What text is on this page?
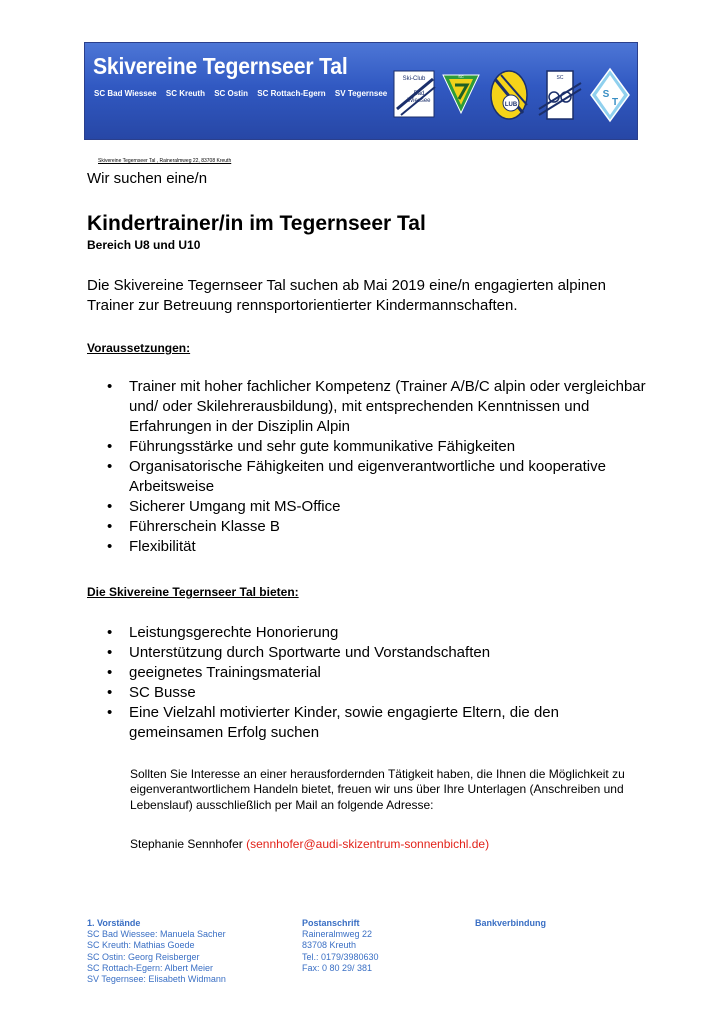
Skivereine Tegernseer Tal
SC Bad Wiessee SC Kreuth SC Ostin SC Rottach-Egern SV Tegernsee
Ski-Club
Bad
Wiessee
SC
LUB
SC
S
T
Skivereine Tegernseer Tal , Raineralmweg 22, 83708 Kreuth
Wir suchen eine/n
Kindertrainer/in im Tegernseer Tal
Bereich U8 und U10

Die Skivereine Tegernseer Tal suchen ab Mai 2019 eine/n engagierten alpinen Trainer zur Betreuung rennsportorientierter Kindermannschaften.

Voraussetzungen:
• Trainer mit hoher fachlicher Kompetenz (Trainer A/B/C alpin oder vergleichbar und/ oder Skilehrerausbildung), mit entsprechenden Kenntnissen und Erfahrungen in der Disziplin Alpin
• Führungsstärke und sehr gute kommunikative Fähigkeiten
• Organisatorische Fähigkeiten und eigenverantwortliche und kooperative Arbeitsweise
• Sicherer Umgang mit MS-Office
• Führerschein Klasse B
• Flexibilität
Die Skivereine Tegernseer Tal bieten:
• Leistungsgerechte Honorierung
• Unterstützung durch Sportwarte und Vorstandschaften
• geeignetes Trainingsmaterial
• SC Busse
• Eine Vielzahl motivierter Kinder, sowie engagierte Eltern, die den gemeinsamen Erfolg suchen

Sollten Sie Interesse an einer herausfordernden Tätigkeit haben, die Ihnen die Möglichkeit zu eigenverantwortlichem Handeln bietet, freuen wir uns über Ihre Unterlagen (Anschreiben und Lebenslauf) ausschließlich per Mail an folgende Adresse:

Stephanie Sennhofer (sennhofer@audi-skizentrum-sonnenbichl.de)
1. Vorstände
SC Bad Wiessee: Manuela Sacher
SC Kreuth: Mathias Goede
SC Ostin: Georg Reisberger
SC Rottach-Egern: Albert Meier
SV Tegernsee: Elisabeth Widmann
Postanschrift
Raineralmweg 22
83708 Kreuth
Tel.: 0179/3980630
Fax: 0 80 29/ 381
Bankverbindung
